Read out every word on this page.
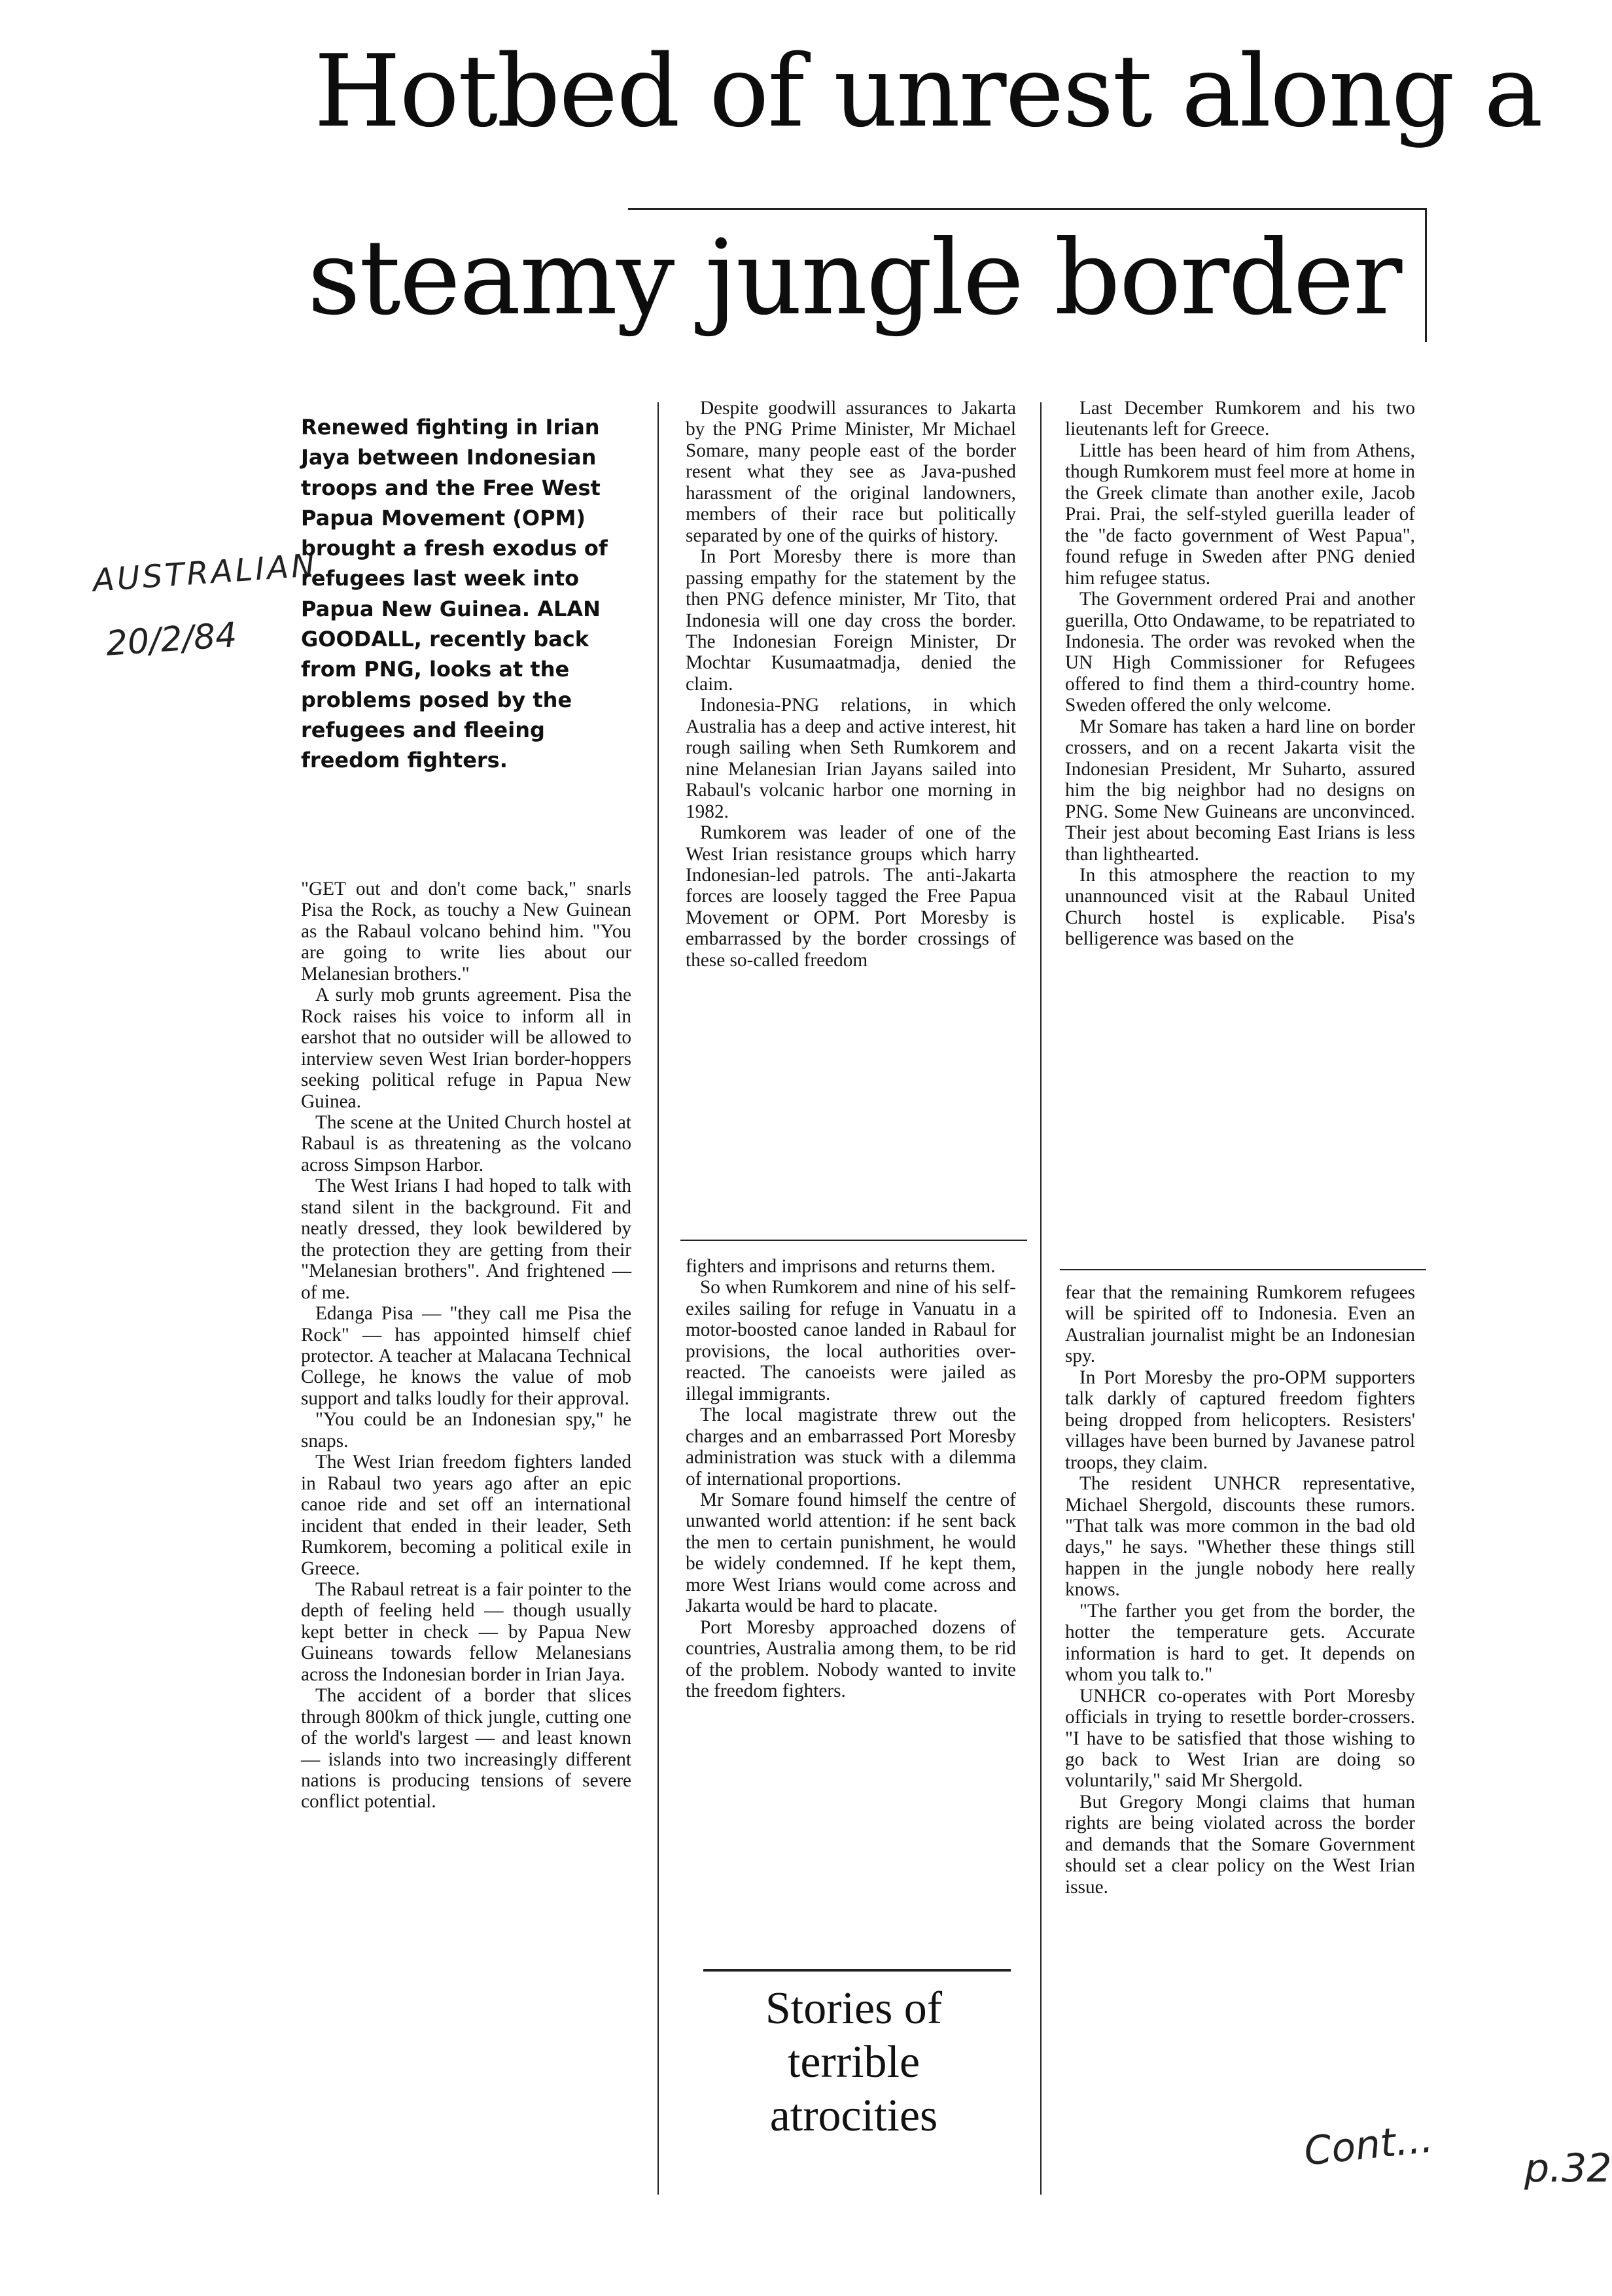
Hotbed of unrest along a
steamy jungle border

AUSTRALIAN

20/2/84

Renewed fighting in Irian Jaya between Indonesian troops and the Free West Papua Movement (OPM) brought a fresh exodus of refugees last week into Papua New Guinea. ALAN GOODALL, recently back from PNG, looks at the problems posed by the refugees and fleeing freedom fighters.

"GET out and don't come back," snarls Pisa the Rock, as touchy a New Guinean as the Rabaul volcano behind him. "You are going to write lies about our Melanesian brothers."

A surly mob grunts agreement. Pisa the Rock raises his voice to inform all in earshot that no outsider will be allowed to interview seven West Irian border-hoppers seeking political refuge in Papua New Guinea.

The scene at the United Church hostel at Rabaul is as threatening as the volcano across Simpson Harbor.

The West Irians I had hoped to talk with stand silent in the background. Fit and neatly dressed, they look bewildered by the protection they are getting from their "Melanesian brothers". And frightened — of me.

Edanga Pisa — "they call me Pisa the Rock" — has appointed himself chief protector. A teacher at Malacana Technical College, he knows the value of mob support and talks loudly for their approval.

"You could be an Indonesian spy," he snaps.

The West Irian freedom fighters landed in Rabaul two years ago after an epic canoe ride and set off an international incident that ended in their leader, Seth Rumkorem, becoming a political exile in Greece.

The Rabaul retreat is a fair pointer to the depth of feeling held — though usually kept better in check — by Papua New Guineans towards fellow Melanesians across the Indonesian border in Irian Jaya.

The accident of a border that slices through 800km of thick jungle, cutting one of the world's largest — and least known — islands into two increasingly different nations is producing tensions of severe conflict potential.

Despite goodwill assurances to Jakarta by the PNG Prime Minister, Mr Michael Somare, many people east of the border resent what they see as Java-pushed harassment of the original landowners, members of their race but politically separated by one of the quirks of history.

In Port Moresby there is more than passing empathy for the statement by the then PNG defence minister, Mr Tito, that Indonesia will one day cross the border. The Indonesian Foreign Minister, Dr Mochtar Kusumaatmadja, denied the claim.

Indonesia-PNG relations, in which Australia has a deep and active interest, hit rough sailing when Seth Rumkorem and nine Melanesian Irian Jayans sailed into Rabaul's volcanic harbor one morning in 1982.

Rumkorem was leader of one of the West Irian resistance groups which harry Indonesian-led patrols. The anti-Jakarta forces are loosely tagged the Free Papua Movement or OPM. Port Moresby is embarrassed by the border crossings of these so-called freedom

fighters and imprisons and returns them.

So when Rumkorem and nine of his self-exiles sailing for refuge in Vanuatu in a motor-boosted canoe landed in Rabaul for provisions, the local authorities over-reacted. The canoeists were jailed as illegal immigrants.

The local magistrate threw out the charges and an embarrassed Port Moresby administration was stuck with a dilemma of international proportions.

Mr Somare found himself the centre of unwanted world attention: if he sent back the men to certain punishment, he would be widely condemned. If he kept them, more West Irians would come across and Jakarta would be hard to placate.

Port Moresby approached dozens of countries, Australia among them, to be rid of the problem. Nobody wanted to invite the freedom fighters.

Stories of terrible atrocities

Last December Rumkorem and his two lieutenants left for Greece.

Little has been heard of him from Athens, though Rumkorem must feel more at home in the Greek climate than another exile, Jacob Prai. Prai, the self-styled guerilla leader of the "de facto government of West Papua", found refuge in Sweden after PNG denied him refugee status.

The Government ordered Prai and another guerilla, Otto Ondawame, to be repatriated to Indonesia. The order was revoked when the UN High Commissioner for Refugees offered to find them a third-country home. Sweden offered the only welcome.

Mr Somare has taken a hard line on border crossers, and on a recent Jakarta visit the Indonesian President, Mr Suharto, assured him the big neighbor had no designs on PNG. Some New Guineans are unconvinced. Their jest about becoming East Irians is less than lighthearted.

In this atmosphere the reaction to my unannounced visit at the Rabaul United Church hostel is explicable. Pisa's belligerence was based on the

fear that the remaining Rumkorem refugees will be spirited off to Indonesia. Even an Australian journalist might be an Indonesian spy.

In Port Moresby the pro-OPM supporters talk darkly of captured freedom fighters being dropped from helicopters. Resisters' villages have been burned by Javanese patrol troops, they claim.

The resident UNHCR representative, Michael Shergold, discounts these rumors. "That talk was more common in the bad old days," he says. "Whether these things still happen in the jungle nobody here really knows.

"The farther you get from the border, the hotter the temperature gets. Accurate information is hard to get. It depends on whom you talk to."

UNHCR co-operates with Port Moresby officials in trying to resettle border-crossers. "I have to be satisfied that those wishing to go back to West Irian are doing so voluntarily," said Mr Shergold.

But Gregory Mongi claims that human rights are being violated across the border and demands that the Somare Government should set a clear policy on the West Irian issue.

Cont... p.32
